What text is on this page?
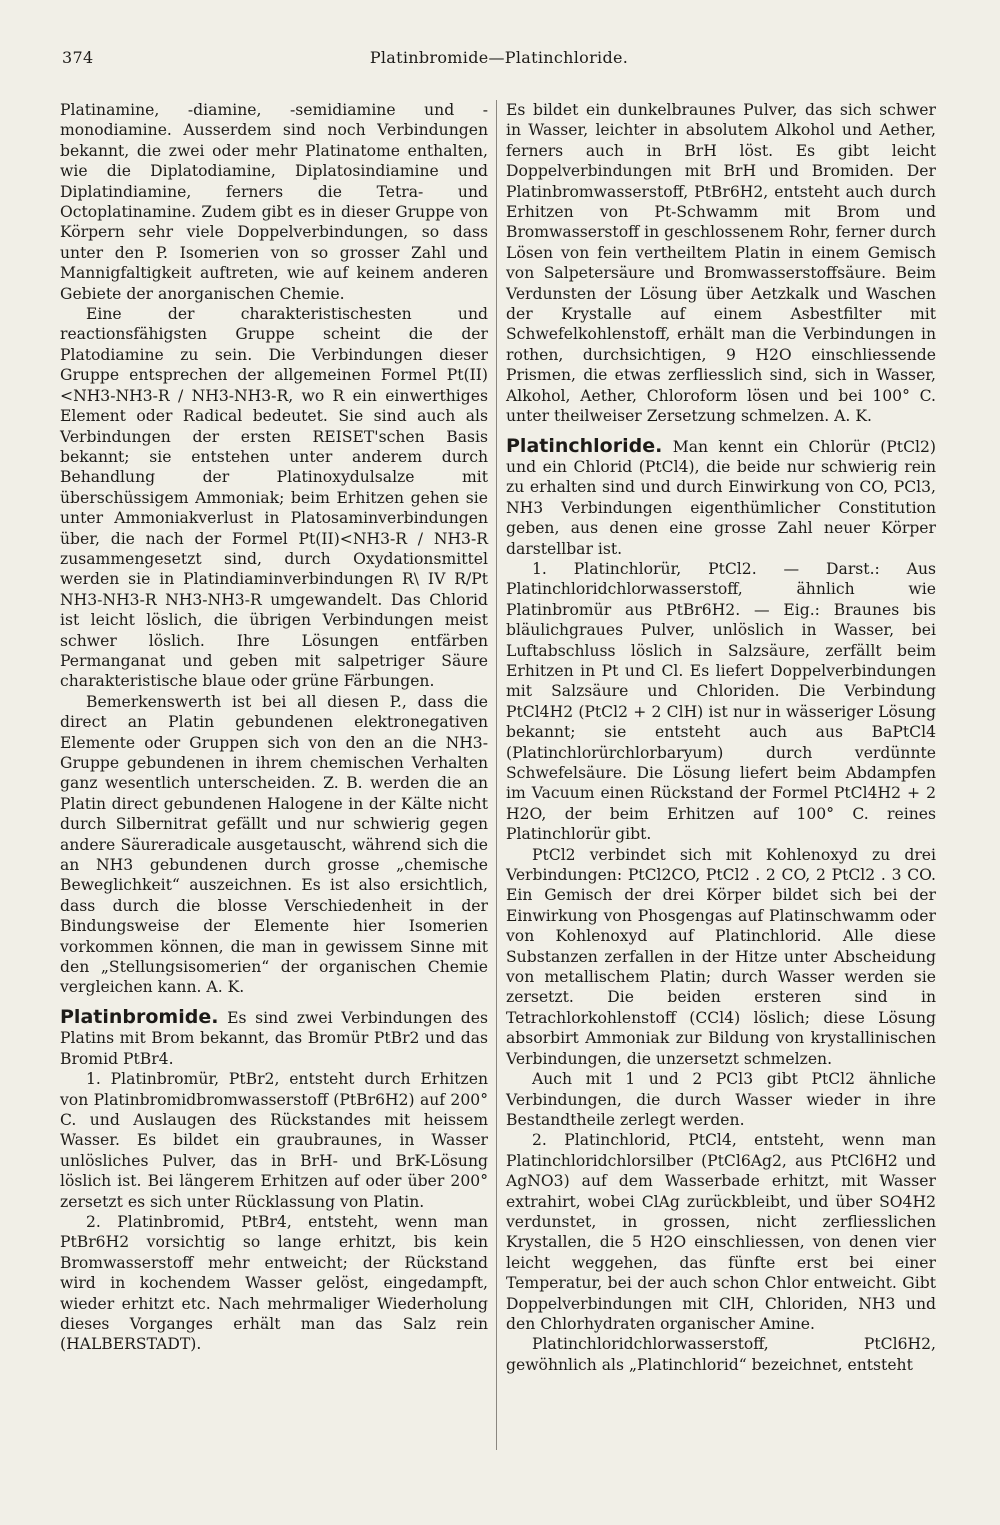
374	Platinbromide—Platinchloride.

Platinamine, -diamine, -semidiamine und -monodiamine. Ausserdem sind noch Verbindungen bekannt, die zwei oder mehr Platinatome enthalten, wie die Diplatodiamine, Diplatosindiamine und Diplatindiamine, ferners die Tetra- und Octoplatinamine. Zudem gibt es in dieser Gruppe von Körpern sehr viele Doppelverbindungen, so dass unter den P. Isomerien von so grosser Zahl und Mannigfaltigkeit auftreten, wie auf keinem anderen Gebiete der anorganischen Chemie.

Eine der charakteristischesten und reactionsfähigsten Gruppe scheint die der Platodiamine zu sein. Die Verbindungen dieser Gruppe entsprechen der allgemeinen Formel Pt(II)<NH3-NH3-R / NH3-NH3-R, wo R ein einwerthiges Element oder Radical bedeutet. Sie sind auch als Verbindungen der ersten REISET'schen Basis bekannt; sie entstehen unter anderem durch Behandlung der Platinoxydulsalze mit überschüssigem Ammoniak; beim Erhitzen gehen sie unter Ammoniakverlust in Platosaminverbindungen über, die nach der Formel Pt(II)<NH3-R / NH3-R zusammengesetzt sind, durch Oxydationsmittel werden sie in Platindiaminverbindungen R\ IV R/Pt NH3-NH3-R NH3-NH3-R umgewandelt. Das Chlorid ist leicht löslich, die übrigen Verbindungen meist schwer löslich. Ihre Lösungen entfärben Permanganat und geben mit salpetriger Säure charakteristische blaue oder grüne Färbungen.

Bemerkenswerth ist bei all diesen P., dass die direct an Platin gebundenen elektronegativen Elemente oder Gruppen sich von den an die NH3-Gruppe gebundenen in ihrem chemischen Verhalten ganz wesentlich unterscheiden. Z. B. werden die an Platin direct gebundenen Halogene in der Kälte nicht durch Silbernitrat gefällt und nur schwierig gegen andere Säureradicale ausgetauscht, während sich die an NH3 gebundenen durch grosse „chemische Beweglichkeit“ auszeichnen. Es ist also ersichtlich, dass durch die blosse Verschiedenheit in der Bindungsweise der Elemente hier Isomerien vorkommen können, die man in gewissem Sinne mit den „Stellungsisomerien“ der organischen Chemie vergleichen kann. A. K.

Platinbromide. Es sind zwei Verbindungen des Platins mit Brom bekannt, das Bromür PtBr2 und das Bromid PtBr4.

1. Platinbromür, PtBr2, entsteht durch Erhitzen von Platinbromidbromwasserstoff (PtBr6H2) auf 200° C. und Auslaugen des Rückstandes mit heissem Wasser. Es bildet ein graubraunes, in Wasser unlösliches Pulver, das in BrH- und BrK-Lösung löslich ist. Bei längerem Erhitzen auf oder über 200° zersetzt es sich unter Rücklassung von Platin.

2. Platinbromid, PtBr4, entsteht, wenn man PtBr6H2 vorsichtig so lange erhitzt, bis kein Bromwasserstoff mehr entweicht; der Rückstand wird in kochendem Wasser gelöst, eingedampft, wieder erhitzt etc. Nach mehrmaliger Wiederholung dieses Vorganges erhält man das Salz rein (HALBERSTADT).

Es bildet ein dunkelbraunes Pulver, das sich schwer in Wasser, leichter in absolutem Alkohol und Aether, ferners auch in BrH löst. Es gibt leicht Doppelverbindungen mit BrH und Bromiden. Der Platinbromwasserstoff, PtBr6H2, entsteht auch durch Erhitzen von Pt-Schwamm mit Brom und Bromwasserstoff in geschlossenem Rohr, ferner durch Lösen von fein vertheiltem Platin in einem Gemisch von Salpetersäure und Bromwasserstoffsäure. Beim Verdunsten der Lösung über Aetzkalk und Waschen der Krystalle auf einem Asbestfilter mit Schwefelkohlenstoff, erhält man die Verbindungen in rothen, durchsichtigen, 9 H2O einschliessende Prismen, die etwas zerfliesslich sind, sich in Wasser, Alkohol, Aether, Chloroform lösen und bei 100° C. unter theilweiser Zersetzung schmelzen. A. K.

Platinchloride. Man kennt ein Chlorür (PtCl2) und ein Chlorid (PtCl4), die beide nur schwierig rein zu erhalten sind und durch Einwirkung von CO, PCl3, NH3 Verbindungen eigenthümlicher Constitution geben, aus denen eine grosse Zahl neuer Körper darstellbar ist.

1. Platinchlorür, PtCl2. — Darst.: Aus Platinchloridchlorwasserstoff, ähnlich wie Platinbromür aus PtBr6H2. — Eig.: Braunes bis bläulichgraues Pulver, unlöslich in Wasser, bei Luftabschluss löslich in Salzsäure, zerfällt beim Erhitzen in Pt und Cl. Es liefert Doppelverbindungen mit Salzsäure und Chloriden. Die Verbindung PtCl4H2 (PtCl2 + 2 ClH) ist nur in wässeriger Lösung bekannt; sie entsteht auch aus BaPtCl4 (Platinchlorürchlorbaryum) durch verdünnte Schwefelsäure. Die Lösung liefert beim Abdampfen im Vacuum einen Rückstand der Formel PtCl4H2 + 2 H2O, der beim Erhitzen auf 100° C. reines Platinchlorür gibt.

PtCl2 verbindet sich mit Kohlenoxyd zu drei Verbindungen: PtCl2CO, PtCl2 . 2 CO, 2 PtCl2 . 3 CO. Ein Gemisch der drei Körper bildet sich bei der Einwirkung von Phosgengas auf Platinschwamm oder von Kohlenoxyd auf Platinchlorid. Alle diese Substanzen zerfallen in der Hitze unter Abscheidung von metallischem Platin; durch Wasser werden sie zersetzt. Die beiden ersteren sind in Tetrachlorkohlenstoff (CCl4) löslich; diese Lösung absorbirt Ammoniak zur Bildung von krystallinischen Verbindungen, die unzersetzt schmelzen.

Auch mit 1 und 2 PCl3 gibt PtCl2 ähnliche Verbindungen, die durch Wasser wieder in ihre Bestandtheile zerlegt werden.

2. Platinchlorid, PtCl4, entsteht, wenn man Platinchloridchlorsilber (PtCl6Ag2, aus PtCl6H2 und AgNO3) auf dem Wasserbade erhitzt, mit Wasser extrahirt, wobei ClAg zurückbleibt, und über SO4H2 verdunstet, in grossen, nicht zerfliesslichen Krystallen, die 5 H2O einschliessen, von denen vier leicht weggehen, das fünfte erst bei einer Temperatur, bei der auch schon Chlor entweicht. Gibt Doppelverbindungen mit ClH, Chloriden, NH3 und den Chlorhydraten organischer Amine.

Platinchloridchlorwasserstoff, PtCl6H2, gewöhnlich als „Platinchlorid“ bezeichnet, entsteht
